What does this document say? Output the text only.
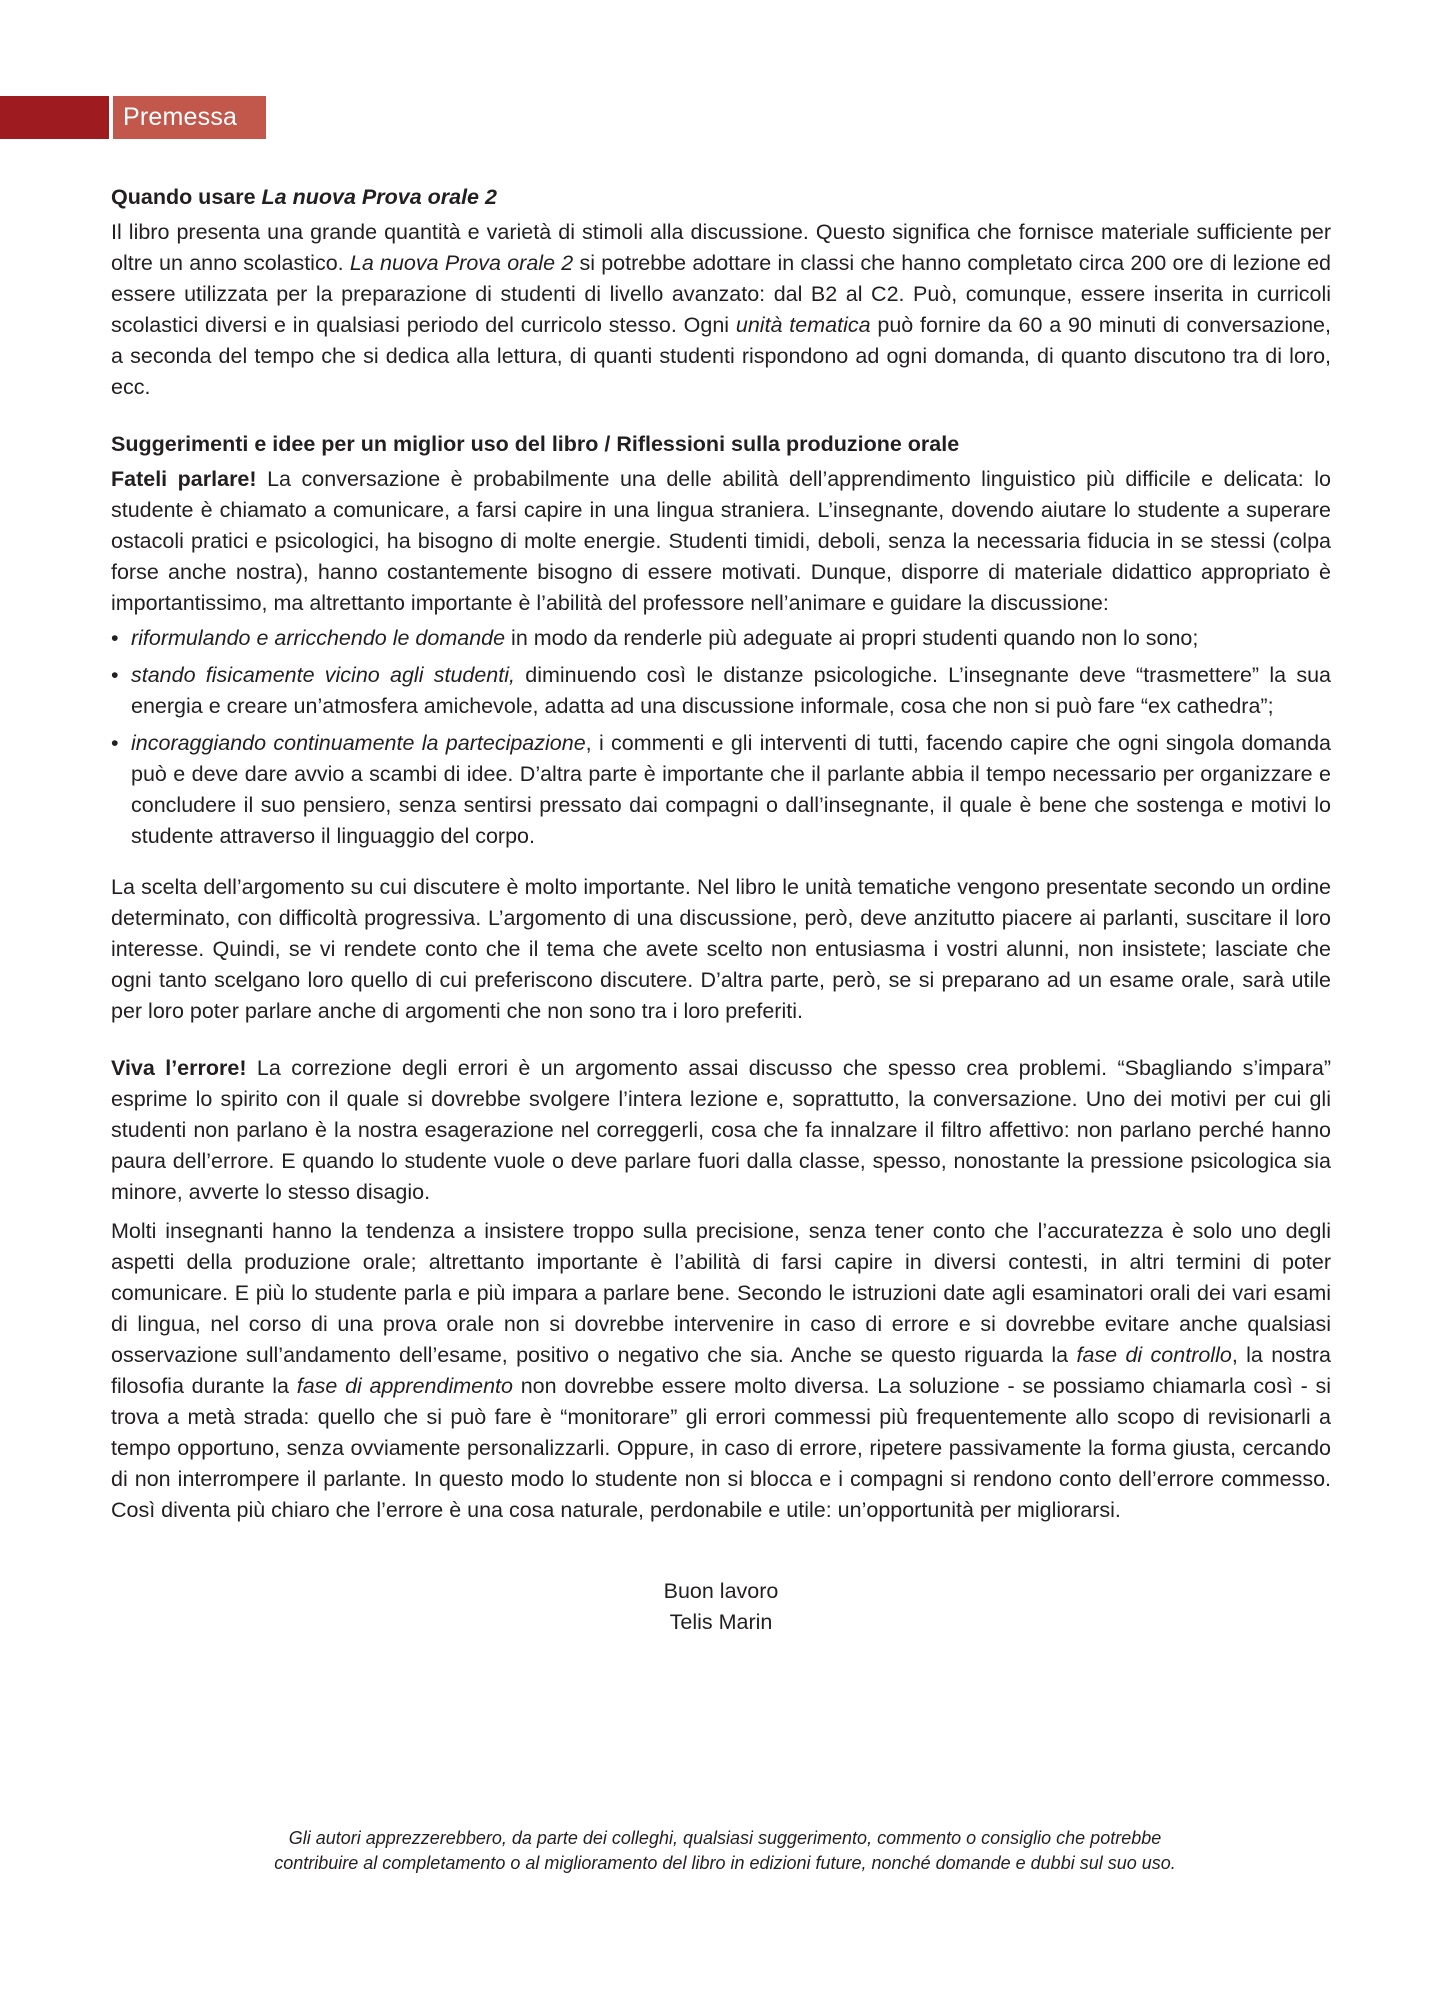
Premessa

Quando usare La nuova Prova orale 2

Il libro presenta una grande quantità e varietà di stimoli alla discussione. Questo significa che fornisce materiale sufficiente per oltre un anno scolastico. La nuova Prova orale 2 si potrebbe adottare in classi che hanno completato circa 200 ore di lezione ed essere utilizzata per la preparazione di studenti di livello avanzato: dal B2 al C2. Può, comunque, essere inserita in curricoli scolastici diversi e in qualsiasi periodo del curricolo stesso. Ogni unità tematica può fornire da 60 a 90 minuti di conversazione, a seconda del tempo che si dedica alla lettura, di quanti studenti rispondono ad ogni domanda, di quanto discutono tra di loro, ecc.

Suggerimenti e idee per un miglior uso del libro / Riflessioni sulla produzione orale

Fateli parlare! La conversazione è probabilmente una delle abilità dell’apprendimento linguistico più difficile e delicata: lo studente è chiamato a comunicare, a farsi capire in una lingua straniera. L’insegnante, dovendo aiutare lo studente a superare ostacoli pratici e psicologici, ha bisogno di molte energie. Studenti timidi, deboli, senza la necessaria fiducia in se stessi (colpa forse anche nostra), hanno costantemente bisogno di essere motivati. Dunque, disporre di materiale didattico appropriato è importantissimo, ma altrettanto importante è l’abilità del professore nell’animare e guidare la discussione:

• riformulando e arricchendo le domande in modo da renderle più adeguate ai propri studenti quando non lo sono;
• stando fisicamente vicino agli studenti, diminuendo così le distanze psicologiche. L’insegnante deve “trasmettere” la sua energia e creare un’atmosfera amichevole, adatta ad una discussione informale, cosa che non si può fare “ex cathedra”;
• incoraggiando continuamente la partecipazione, i commenti e gli interventi di tutti, facendo capire che ogni singola domanda può e deve dare avvio a scambi di idee. D’altra parte è importante che il parlante abbia il tempo necessario per organizzare e concludere il suo pensiero, senza sentirsi pressato dai compagni o dall’insegnante, il quale è bene che sostenga e motivi lo studente attraverso il linguaggio del corpo.

La scelta dell’argomento su cui discutere è molto importante. Nel libro le unità tematiche vengono presentate secondo un ordine determinato, con difficoltà progressiva. L’argomento di una discussione, però, deve anzitutto piacere ai parlanti, suscitare il loro interesse. Quindi, se vi rendete conto che il tema che avete scelto non entusiasma i vostri alunni, non insistete; lasciate che ogni tanto scelgano loro quello di cui preferiscono discutere. D’altra parte, però, se si preparano ad un esame orale, sarà utile per loro poter parlare anche di argomenti che non sono tra i loro preferiti.

Viva l’errore! La correzione degli errori è un argomento assai discusso che spesso crea problemi. “Sbagliando s’impara” esprime lo spirito con il quale si dovrebbe svolgere l’intera lezione e, soprattutto, la conversazione. Uno dei motivi per cui gli studenti non parlano è la nostra esagerazione nel correggerli, cosa che fa innalzare il filtro affettivo: non parlano perché hanno paura dell’errore. E quando lo studente vuole o deve parlare fuori dalla classe, spesso, nonostante la pressione psicologica sia minore, avverte lo stesso disagio.

Molti insegnanti hanno la tendenza a insistere troppo sulla precisione, senza tener conto che l’accuratezza è solo uno degli aspetti della produzione orale; altrettanto importante è l’abilità di farsi capire in diversi contesti, in altri termini di poter comunicare. E più lo studente parla e più impara a parlare bene. Secondo le istruzioni date agli esaminatori orali dei vari esami di lingua, nel corso di una prova orale non si dovrebbe intervenire in caso di errore e si dovrebbe evitare anche qualsiasi osservazione sull’andamento dell’esame, positivo o negativo che sia. Anche se questo riguarda la fase di controllo, la nostra filosofia durante la fase di apprendimento non dovrebbe essere molto diversa. La soluzione - se possiamo chiamarla così - si trova a metà strada: quello che si può fare è “monitorare” gli errori commessi più frequentemente allo scopo di revisionarli a tempo opportuno, senza ovviamente personalizzarli. Oppure, in caso di errore, ripetere passivamente la forma giusta, cercando di non interrompere il parlante. In questo modo lo studente non si blocca e i compagni si rendono conto dell’errore commesso. Così diventa più chiaro che l’errore è una cosa naturale, perdonabile e utile: un’opportunità per migliorarsi.

Buon lavoro

Telis Marin

Gli autori apprezzerebbero, da parte dei colleghi, qualsiasi suggerimento, commento o consiglio che potrebbe
contribuire al completamento o al miglioramento del libro in edizioni future, nonché domande e dubbi sul suo uso.
